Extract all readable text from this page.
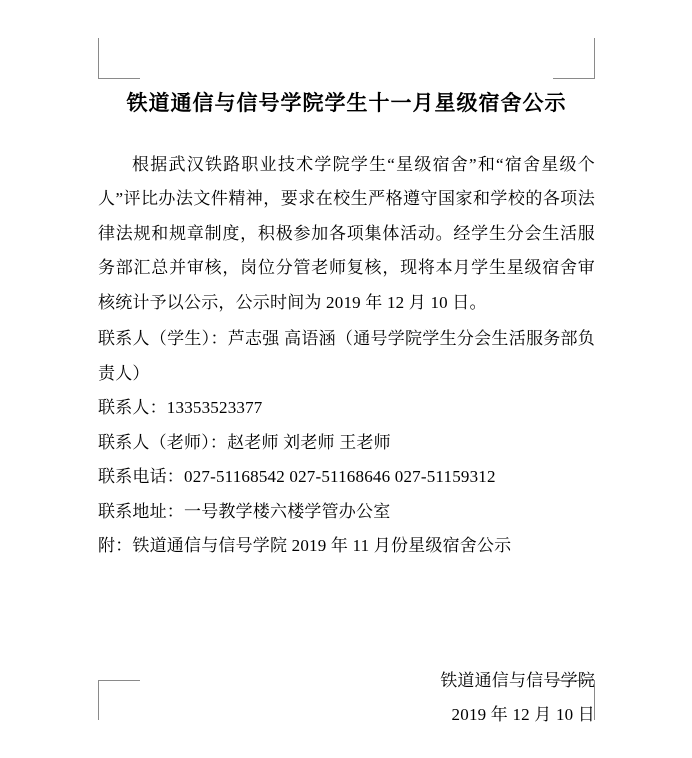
铁道通信与信号学院学生十一月星级宿舍公示

根据武汉铁路职业技术学院学生“星级宿舍”和“宿舍星级个人”评比办法文件精神，要求在校生严格遵守国家和学校的各项法律法规和规章制度，积极参加各项集体活动。经学生分会生活服务部汇总并审核，岗位分管老师复核，现将本月学生星级宿舍审核统计予以公示，公示时间为 2019 年 12 月 10 日。

联系人（学生）：芦志强 高语涵（通号学院学生分会生活服务部负责人）

联系人：13353523377

联系人（老师）：赵老师 刘老师 王老师

联系电话：027-51168542 027-51168646 027-51159312

联系地址：一号教学楼六楼学管办公室

附：铁道通信与信号学院 2019 年 11 月份星级宿舍公示

铁道通信与信号学院
2019 年 12 月 10 日
